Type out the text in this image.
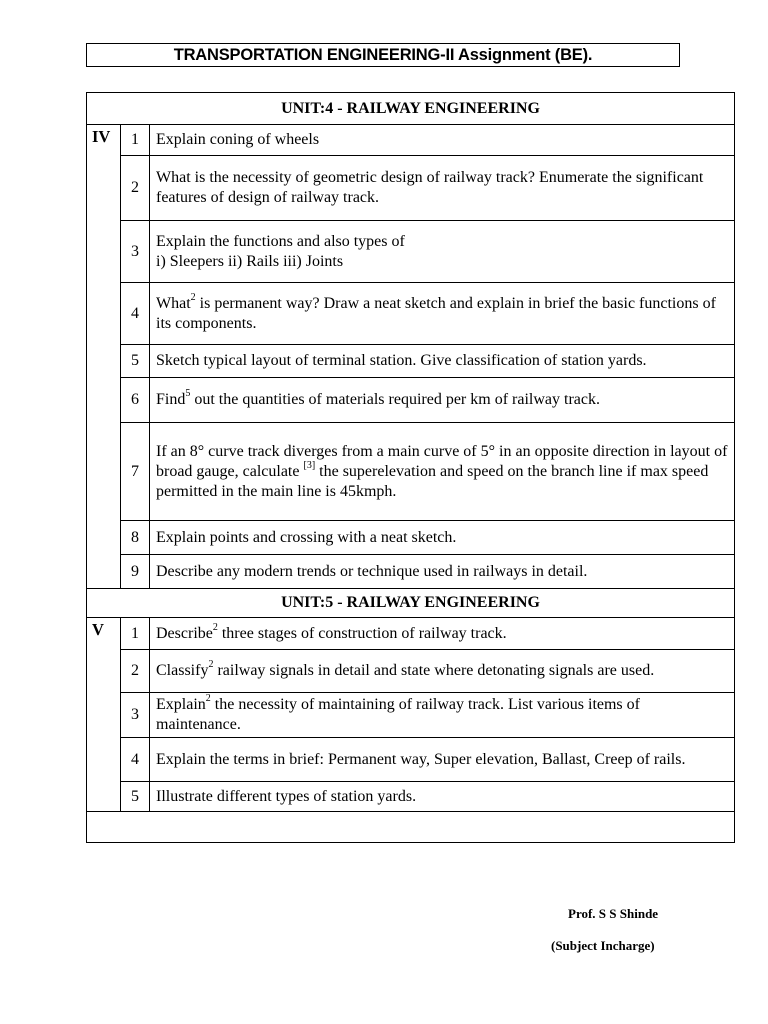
TRANSPORTATION ENGINEERING-II Assignment (BE).
UNIT:4 - RAILWAY ENGINEERING		
IV	1	Explain coning of wheels
	2	What is the necessity of geometric design of railway track? Enumerate the significant features of design of railway track.
	3	Explain the functions and also types of
i) Sleepers ii) Rails iii) Joints
	4	What$^2$ is permanent way? Draw a neat sketch and explain in brief the basic functions of its components.
	5	Sketch typical layout of terminal station. Give classification of station yards.
	6	Find$^5$ out the quantities of materials required per km of railway track.
	7	If an 8° curve track diverges from a main curve of 5° in an opposite direction in layout of broad gauge, calculate [3] the superelevation and speed on the branch line if max speed permitted in the main line is 45kmph.
	8	Explain points and crossing with a neat sketch.
	9	Describe any modern trends or technique used in railways in detail.
UNIT:5 - RAILWAY ENGINEERING		
V	1	Describe$^2$ three stages of construction of railway track.
	2	Classify$^2$ railway signals in detail and state where detonating signals are used.
	3	Explain$^2$ the necessity of maintaining of railway track. List various items of maintenance.
	4	Explain the terms in brief: Permanent way, Super elevation, Ballast, Creep of rails.
	5	Illustrate different types of station yards.

Prof. S S Shinde
(Subject Incharge)
